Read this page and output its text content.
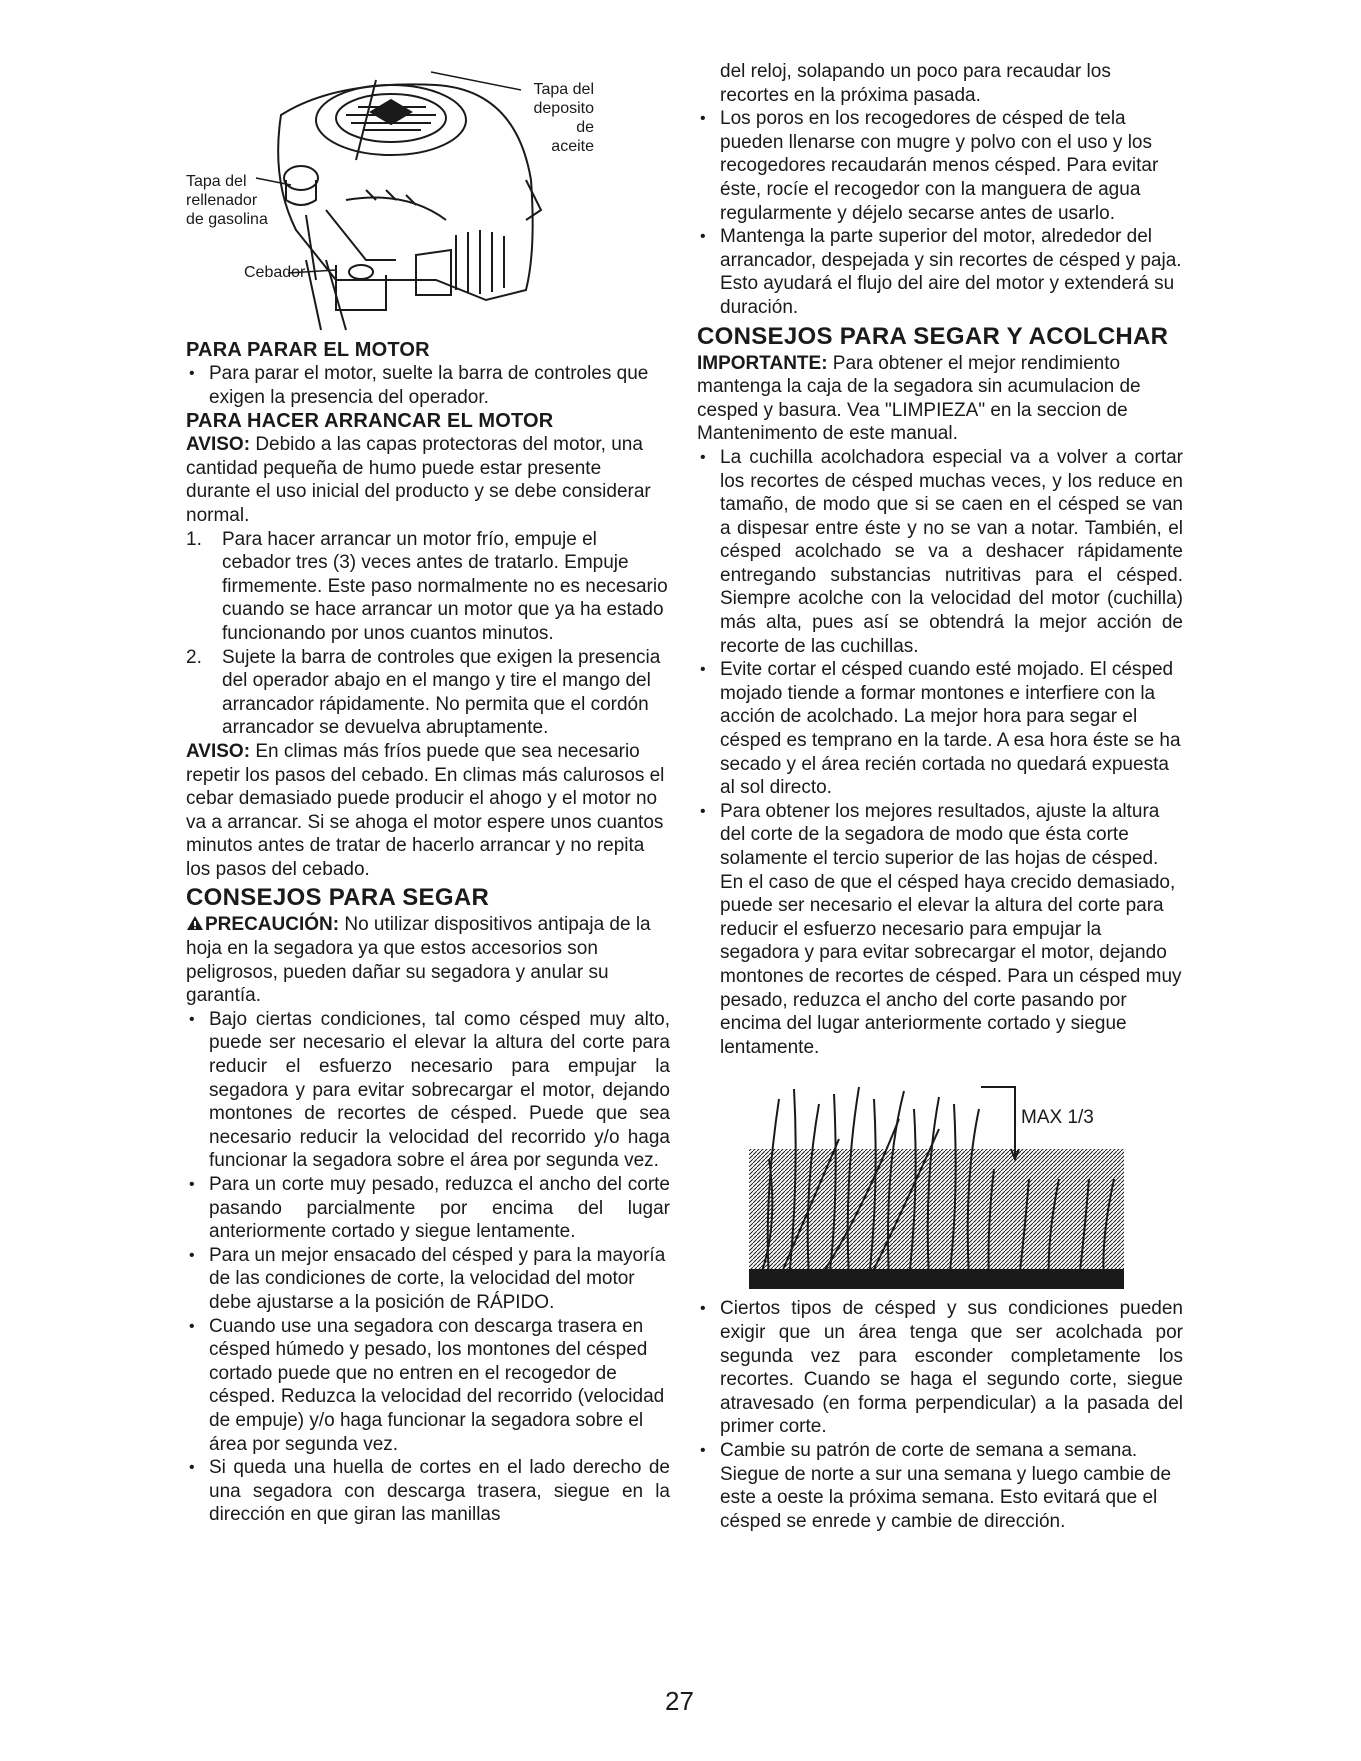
Tapa del
deposito de
aceite
Tapa del
rellenador
de gasolina
Cebador
PARA PARAR EL MOTOR
• Para parar el motor, suelte la barra de controles que exigen la presencia del operador.
PARA HACER ARRANCAR EL MOTOR

AVISO: Debido a las capas protectoras del motor, una cantidad pequeña de humo puede estar presente durante el uso inicial del producto y se debe considerar normal.

1. Para hacer arrancar un motor frío, empuje el cebador tres (3) veces antes de tratarlo. Empuje firmemente. Este paso normalmente no es necesario cuando se hace arrancar un motor que ya ha estado funcionando por unos cuantos minutos.
2. Sujete la barra de controles que exigen la presencia del operador abajo en el mango y tire el mango del arrancador rápidamente. No permita que el cordón arrancador se devuelva abruptamente.

AVISO: En climas más fríos puede que sea necesario repetir los pasos del cebado. En climas más calurosos el cebar demasiado puede producir el ahogo y el motor no va a arrancar. Si se ahoga el motor espere unos cuantos minutos antes de tratar de hacerlo arrancar y no repita los pasos del cebado.

CONSEJOS PARA SEGAR

PRECAUCIÓN: No utilizar dispositivos antipaja de la hoja en la segadora ya que estos accesorios son peligrosos, pueden dañar su segadora y anular su garantía.

• Bajo ciertas condiciones, tal como césped muy alto, puede ser necesario el elevar la altura del corte para reducir el esfuerzo necesario para empujar la segadora y para evitar sobrecargar el motor, dejando montones de recortes de césped. Puede que sea necesario reducir la velocidad del recorrido y/o haga funcionar la segadora sobre el área por segunda vez.
• Para un corte muy pesado, reduzca el ancho del corte pasando parcialmente por encima del lugar anteriormente cortado y siegue lentamente.
• Para un mejor ensacado del césped y para la mayoría de las condiciones de corte, la velocidad del motor debe ajustarse a la posición de RÁPIDO.
• Cuando use una segadora con descarga trasera en césped húmedo y pesado, los montones del césped cortado puede que no entren en el recogedor de césped. Reduzca la velocidad del recorrido (velocidad de empuje) y/o haga funcionar la segadora sobre el área por segunda vez.
• Si queda una huella de cortes en el lado derecho de una segadora con descarga trasera, siegue en la dirección en que giran las manillas
27

del reloj, solapando un poco para recaudar los recortes en la próxima pasada.

• Los poros en los recogedores de césped de tela pueden llenarse con mugre y polvo con el uso y los recogedores recaudarán menos césped. Para evitar éste, rocíe el recogedor con la manguera de agua regularmente y déjelo secarse antes de usarlo.
• Mantenga la parte superior del motor, alrededor del arrancador, despejada y sin recortes de césped y paja. Esto ayudará el flujo del aire del motor y extenderá su duración.
CONSEJOS PARA SEGAR Y ACOLCHAR

IMPORTANTE: Para obtener el mejor rendimiento mantenga la caja de la segadora sin acumulacion de cesped y basura. Vea "LIMPIEZA" en la seccion de Mantenimento de este manual.

• La cuchilla acolchadora especial va a volver a cortar los recortes de césped muchas veces, y los reduce en tamaño, de modo que si se caen en el césped se van a dispesar entre éste y no se van a notar. También, el césped acolchado se va a deshacer rápidamente entregando substancias nutritivas para el césped. Siempre acolche con la velocidad del motor (cuchilla) más alta, pues así se obtendrá la mejor acción de recorte de las cuchillas.
• Evite cortar el césped cuando esté mojado. El césped mojado tiende a formar montones e interfiere con la acción de acolchado. La mejor hora para segar el césped es temprano en la tarde. A esa hora éste se ha secado y el área recién cortada no quedará expuesta al sol directo.
• Para obtener los mejores resultados, ajuste la altura del corte de la segadora de modo que ésta corte solamente el tercio superior de las hojas de césped. En el caso de que el césped haya crecido demasiado, puede ser necesario el elevar la altura del corte para reducir el esfuerzo necesario para empujar la segadora y para evitar sobrecargar el motor, dejando montones de recortes de césped. Para un césped muy pesado, reduzca el ancho del corte pasando por encima del lugar anteriormente cortado y siegue lentamente.
MAX 1/3
• Ciertos tipos de césped y sus condiciones pueden exigir que un área tenga que ser acolchada por segunda vez para esconder completamente los recortes. Cuando se haga el segundo corte, siegue atravesado (en forma perpendicular) a la pasada del primer corte.
• Cambie su patrón de corte de semana a semana. Siegue de norte a sur una semana y luego cambie de este a oeste la próxima semana. Esto evitará que el césped se enrede y cambie de dirección.
